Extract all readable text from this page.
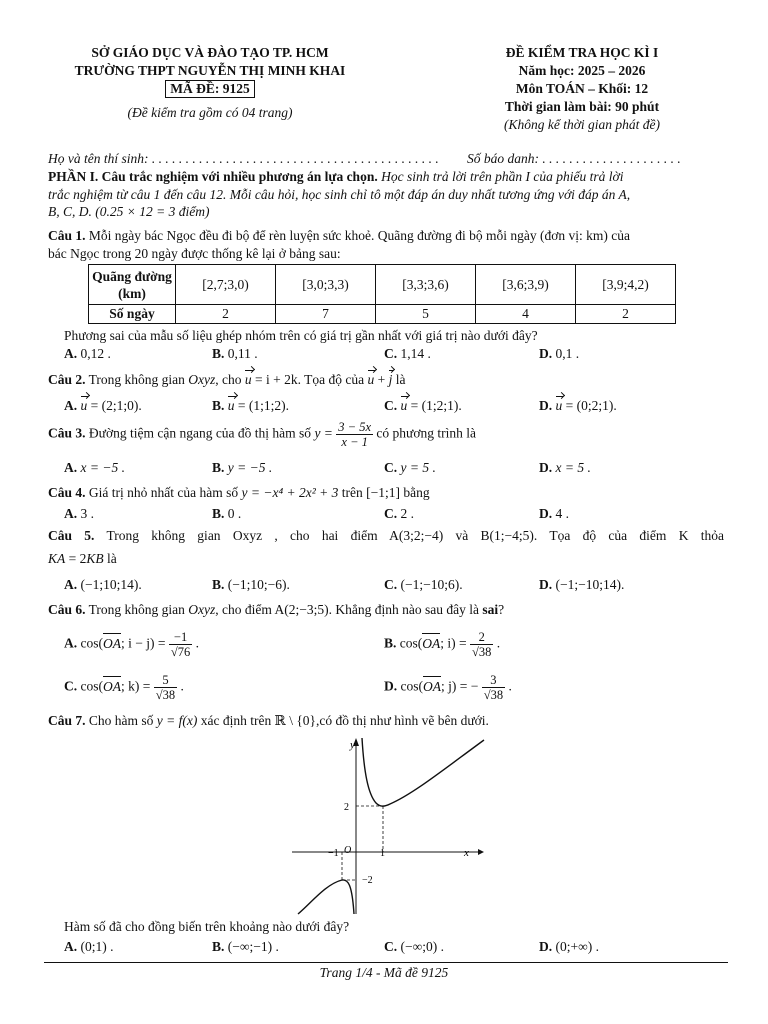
SỞ GIÁO DỤC VÀ ĐÀO TẠO TP. HCM
TRƯỜNG THPT NGUYỄN THỊ MINH KHAI
MÃ ĐỀ: 9125
(Đề kiểm tra gồm có 04 trang)
ĐỀ KIỂM TRA HỌC KÌ I
Năm học: 2025 – 2026
Môn TOÁN – Khối: 12
Thời gian làm bài: 90 phút
(Không kể thời gian phát đề)
Họ và tên thí sinh: . . . . . . . . . . . . . . . . . . . . . . . . . . . . . . . . . . . . . . . . . . . Số báo danh: . . . . . . . . . . . . . . . . . . . . .
PHẦN I. Câu trắc nghiệm với nhiều phương án lựa chọn. Học sinh trả lời trên phần I của phiếu trả lời
trắc nghiệm từ câu 1 đến câu 12. Mỗi câu hỏi, học sinh chỉ tô một đáp án duy nhất tương ứng với đáp án A,
B, C, D. (0.25 × 12 = 3 điểm)
Câu 1. Mỗi ngày bác Ngọc đều đi bộ để rèn luyện sức khoẻ. Quãng đường đi bộ mỗi ngày (đơn vị: km) của
bác Ngọc trong 20 ngày được thống kê lại ở bảng sau:
Quãng đường (km)	[2,7;3,0)	[3,0;3,3)	[3,3;3,6)	[3,6;3,9)	[3,9;4,2)
Số ngày	2	7	5	4	2
Phương sai của mẫu số liệu ghép nhóm trên có giá trị gần nhất với giá trị nào dưới đây?
A. 0,12 .	B. 0,11 .	C. 1,14 .	D. 0,1 .
Câu 2. Trong không gian Oxyz, cho u = i + 2k. Tọa độ của u + j là
A. u = (2;1;0).	B. u = (1;1;2).	C. u = (1;2;1).	D. u = (0;2;1).
Câu 3. Đường tiệm cận ngang của đồ thị hàm số $y = \frac{3 - 5x}{x - 1}$ có phương trình là
A. x = −5 .	B. y = −5 .	C. y = 5 .	D. x = 5 .
Câu 4. Giá trị nhỏ nhất của hàm số y = −x⁴ + 2x² + 3 trên [−1;1] bằng
A. 3 .	B. 0 .	C. 2 .	D. 4 .
Câu 5. Trong không gian Oxyz , cho hai điểm A(3;2;−4) và B(1;−4;5). Tọa độ của điểm K thỏa
KA = 2KB là
A. (−1;10;14).	B. (−1;10;−6).	C. (−1;−10;6).	D. (−1;−10;14).
Câu 6. Trong không gian Oxyz, cho điểm A(2;−3;5). Khẳng định nào sau đây là sai?
A. cos(OA; $i - j) = \frac{-1}{√76}$ .	B. cos(OA; $i) = \frac{2}{√38}$ .
C. cos(OA; $k) = \frac{5}{√38}$ .	D. cos(OA; j) = − $\frac{3}{√38}$ .
Câu 7. Cho hàm số y = f(x) xác định trên ℝ \ {0},có đồ thị như hình vẽ bên dưới.
y
x
O
2
−2
−1	1
Hàm số đã cho đồng biến trên khoảng nào dưới đây?
A. (0;1) .	B. (−∞;−1) .	C. (−∞;0) .	D. (0;+∞) .
Trang 1/4 - Mã đề 9125
